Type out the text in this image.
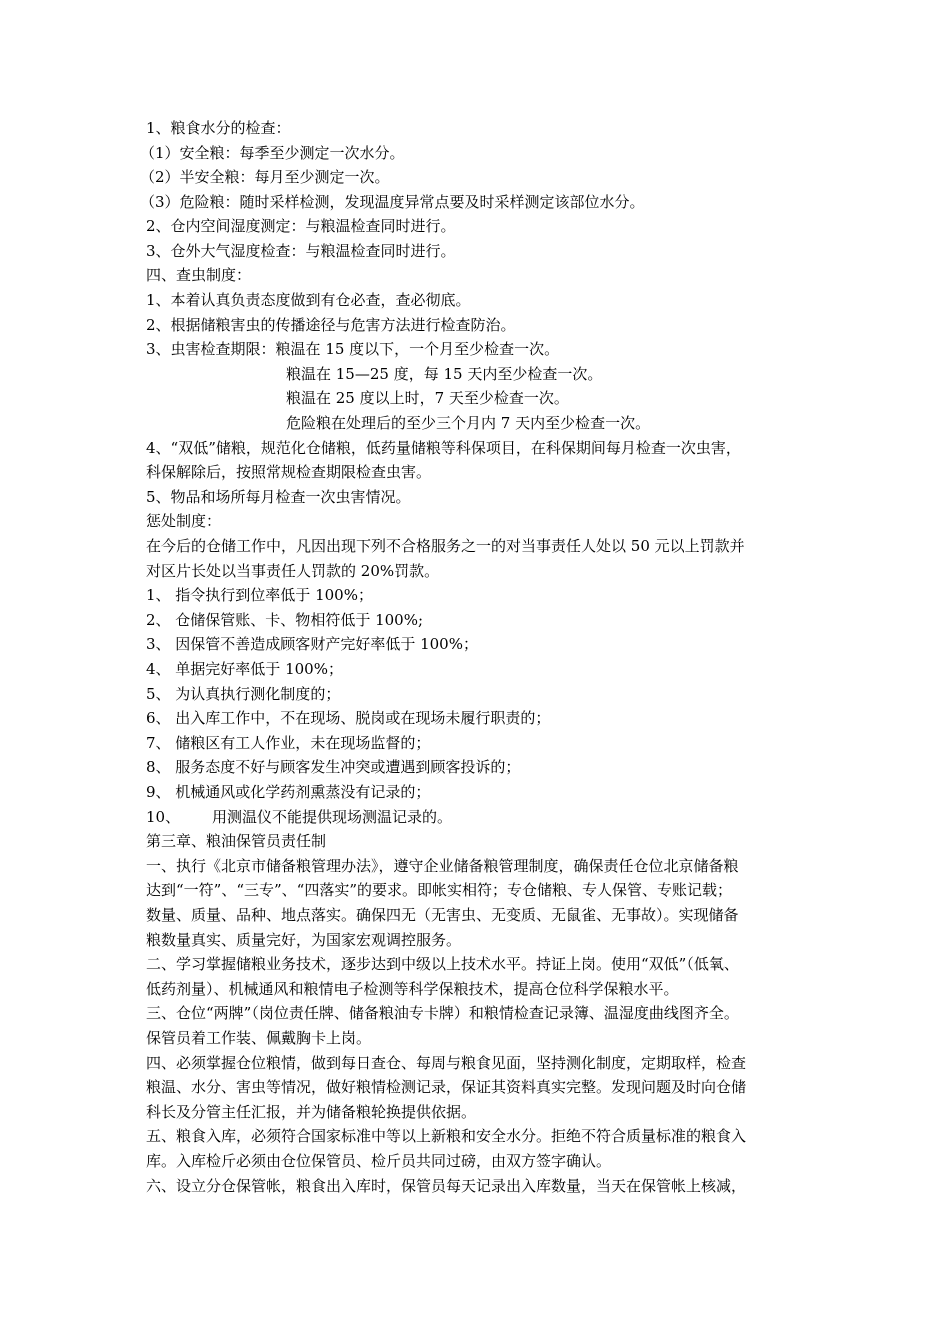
1、粮食水分的检查：
（1）安全粮：每季至少测定一次水分。
（2）半安全粮：每月至少测定一次。
（3）危险粮：随时采样检测，发现温度异常点要及时采样测定该部位水分。
2、仓内空间湿度测定：与粮温检查同时进行。
3、仓外大气湿度检查：与粮温检查同时进行。
四、查虫制度：
1、本着认真负责态度做到有仓必查，查必彻底。
2、根据储粮害虫的传播途径与危害方法进行检查防治。
3、虫害检查期限：粮温在 15 度以下，一个月至少检查一次。
粮温在 15—25 度，每 15 天内至少检查一次。
粮温在 25 度以上时，7 天至少检查一次。
危险粮在处理后的至少三个月内 7 天内至少检查一次。
4、“双低”储粮，规范化仓储粮，低药量储粮等科保项目，在科保期间每月检查一次虫害，
科保解除后，按照常规检查期限检查虫害。
5、物品和场所每月检查一次虫害情况。
惩处制度：
在今后的仓储工作中，凡因出现下列不合格服务之一的对当事责任人处以 50 元以上罚款并
对区片长处以当事责任人罚款的 20%罚款。
1、 指令执行到位率低于 100%；
2、 仓储保管账、卡、物相符低于 100%;
3、 因保管不善造成顾客财产完好率低于 100%；
4、 单据完好率低于 100%；
5、 为认真执行测化制度的；
6、 出入库工作中，不在现场、脱岗或在现场未履行职责的；
7、 储粮区有工人作业，未在现场监督的；
8、 服务态度不好与顾客发生冲突或遭遇到顾客投诉的；
9、 机械通风或化学药剂熏蒸没有记录的；
10、 用测温仪不能提供现场测温记录的。
第三章、粮油保管员责任制
一、执行《北京市储备粮管理办法》，遵守企业储备粮管理制度，确保责任仓位北京储备粮
达到“一符”、“三专”、“四落实”的要求。即帐实相符；专仓储粮、专人保管、专账记载；
数量、质量、品种、地点落实。确保四无（无害虫、无变质、无鼠雀、无事故）。实现储备
粮数量真实、质量完好，为国家宏观调控服务。
二、学习掌握储粮业务技术，逐步达到中级以上技术水平。持证上岗。使用“双低”（低氧、
低药剂量）、机械通风和粮情电子检测等科学保粮技术，提高仓位科学保粮水平。
三、仓位“两牌”（岗位责任牌、储备粮油专卡牌）和粮情检查记录簿、温湿度曲线图齐全。
保管员着工作装、佩戴胸卡上岗。
四、必须掌握仓位粮情，做到每日查仓、每周与粮食见面，坚持测化制度，定期取样，检查
粮温、水分、害虫等情况，做好粮情检测记录，保证其资料真实完整。发现问题及时向仓储
科长及分管主任汇报，并为储备粮轮换提供依据。
五、粮食入库，必须符合国家标准中等以上新粮和安全水分。拒绝不符合质量标准的粮食入
库。入库检斤必须由仓位保管员、检斤员共同过磅，由双方签字确认。
六、设立分仓保管帐，粮食出入库时，保管员每天记录出入库数量，当天在保管帐上核减，
